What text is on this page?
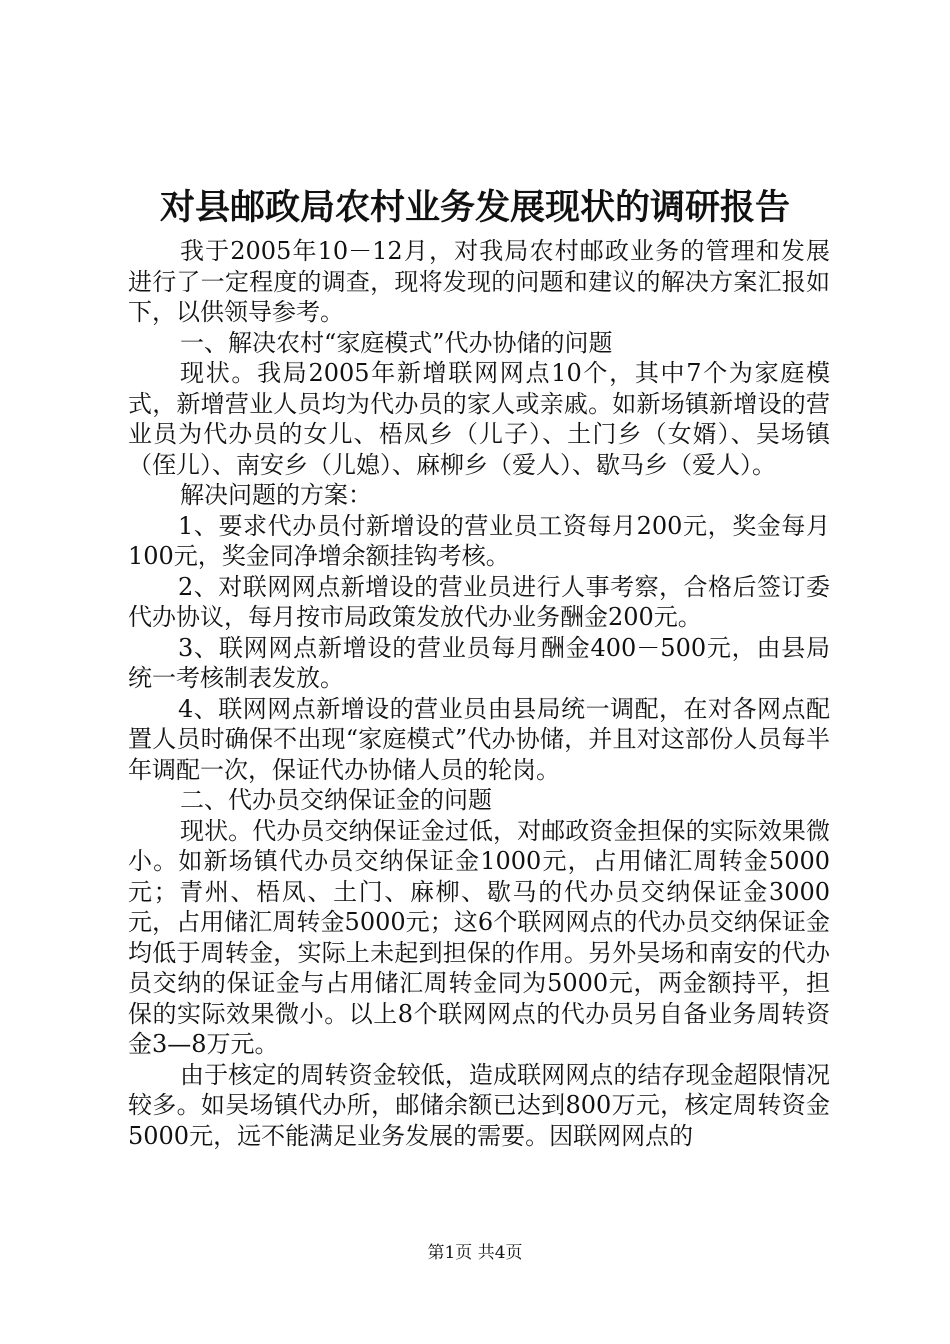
对县邮政局农村业务发展现状的调研报告

我于2005年10－12月，对我局农村邮政业务的管理和发展进行了一定程度的调查，现将发现的问题和建议的解决方案汇报如下，以供领导参考。

一、解决农村“家庭模式”代办协储的问题

现状。我局2005年新增联网网点10个，其中7个为家庭模式，新增营业人员均为代办员的家人或亲戚。如新场镇新增设的营业员为代办员的女儿、梧凤乡（儿子）、土门乡（女婿）、吴场镇（侄儿）、南安乡（儿媳）、麻柳乡（爱人）、歇马乡（爱人）。

解决问题的方案：

1、要求代办员付新增设的营业员工资每月200元，奖金每月100元，奖金同净增余额挂钩考核。

2、对联网网点新增设的营业员进行人事考察，合格后签订委代办协议，每月按市局政策发放代办业务酬金200元。

3、联网网点新增设的营业员每月酬金400－500元，由县局统一考核制表发放。

4、联网网点新增设的营业员由县局统一调配，在对各网点配置人员时确保不出现“家庭模式”代办协储，并且对这部份人员每半年调配一次，保证代办协储人员的轮岗。

二、代办员交纳保证金的问题

现状。代办员交纳保证金过低，对邮政资金担保的实际效果微小。如新场镇代办员交纳保证金1000元，占用储汇周转金5000元；青州、梧凤、土门、麻柳、歇马的代办员交纳保证金3000元，占用储汇周转金5000元；这6个联网网点的代办员交纳保证金均低于周转金，实际上未起到担保的作用。另外吴场和南安的代办员交纳的保证金与占用储汇周转金同为5000元，两金额持平，担保的实际效果微小。以上8个联网网点的代办员另自备业务周转资金3—8万元。

由于核定的周转资金较低，造成联网网点的结存现金超限情况较多。如吴场镇代办所，邮储余额已达到800万元，核定周转资金5000元，远不能满足业务发展的需要。因联网网点的

第1页 共4页
